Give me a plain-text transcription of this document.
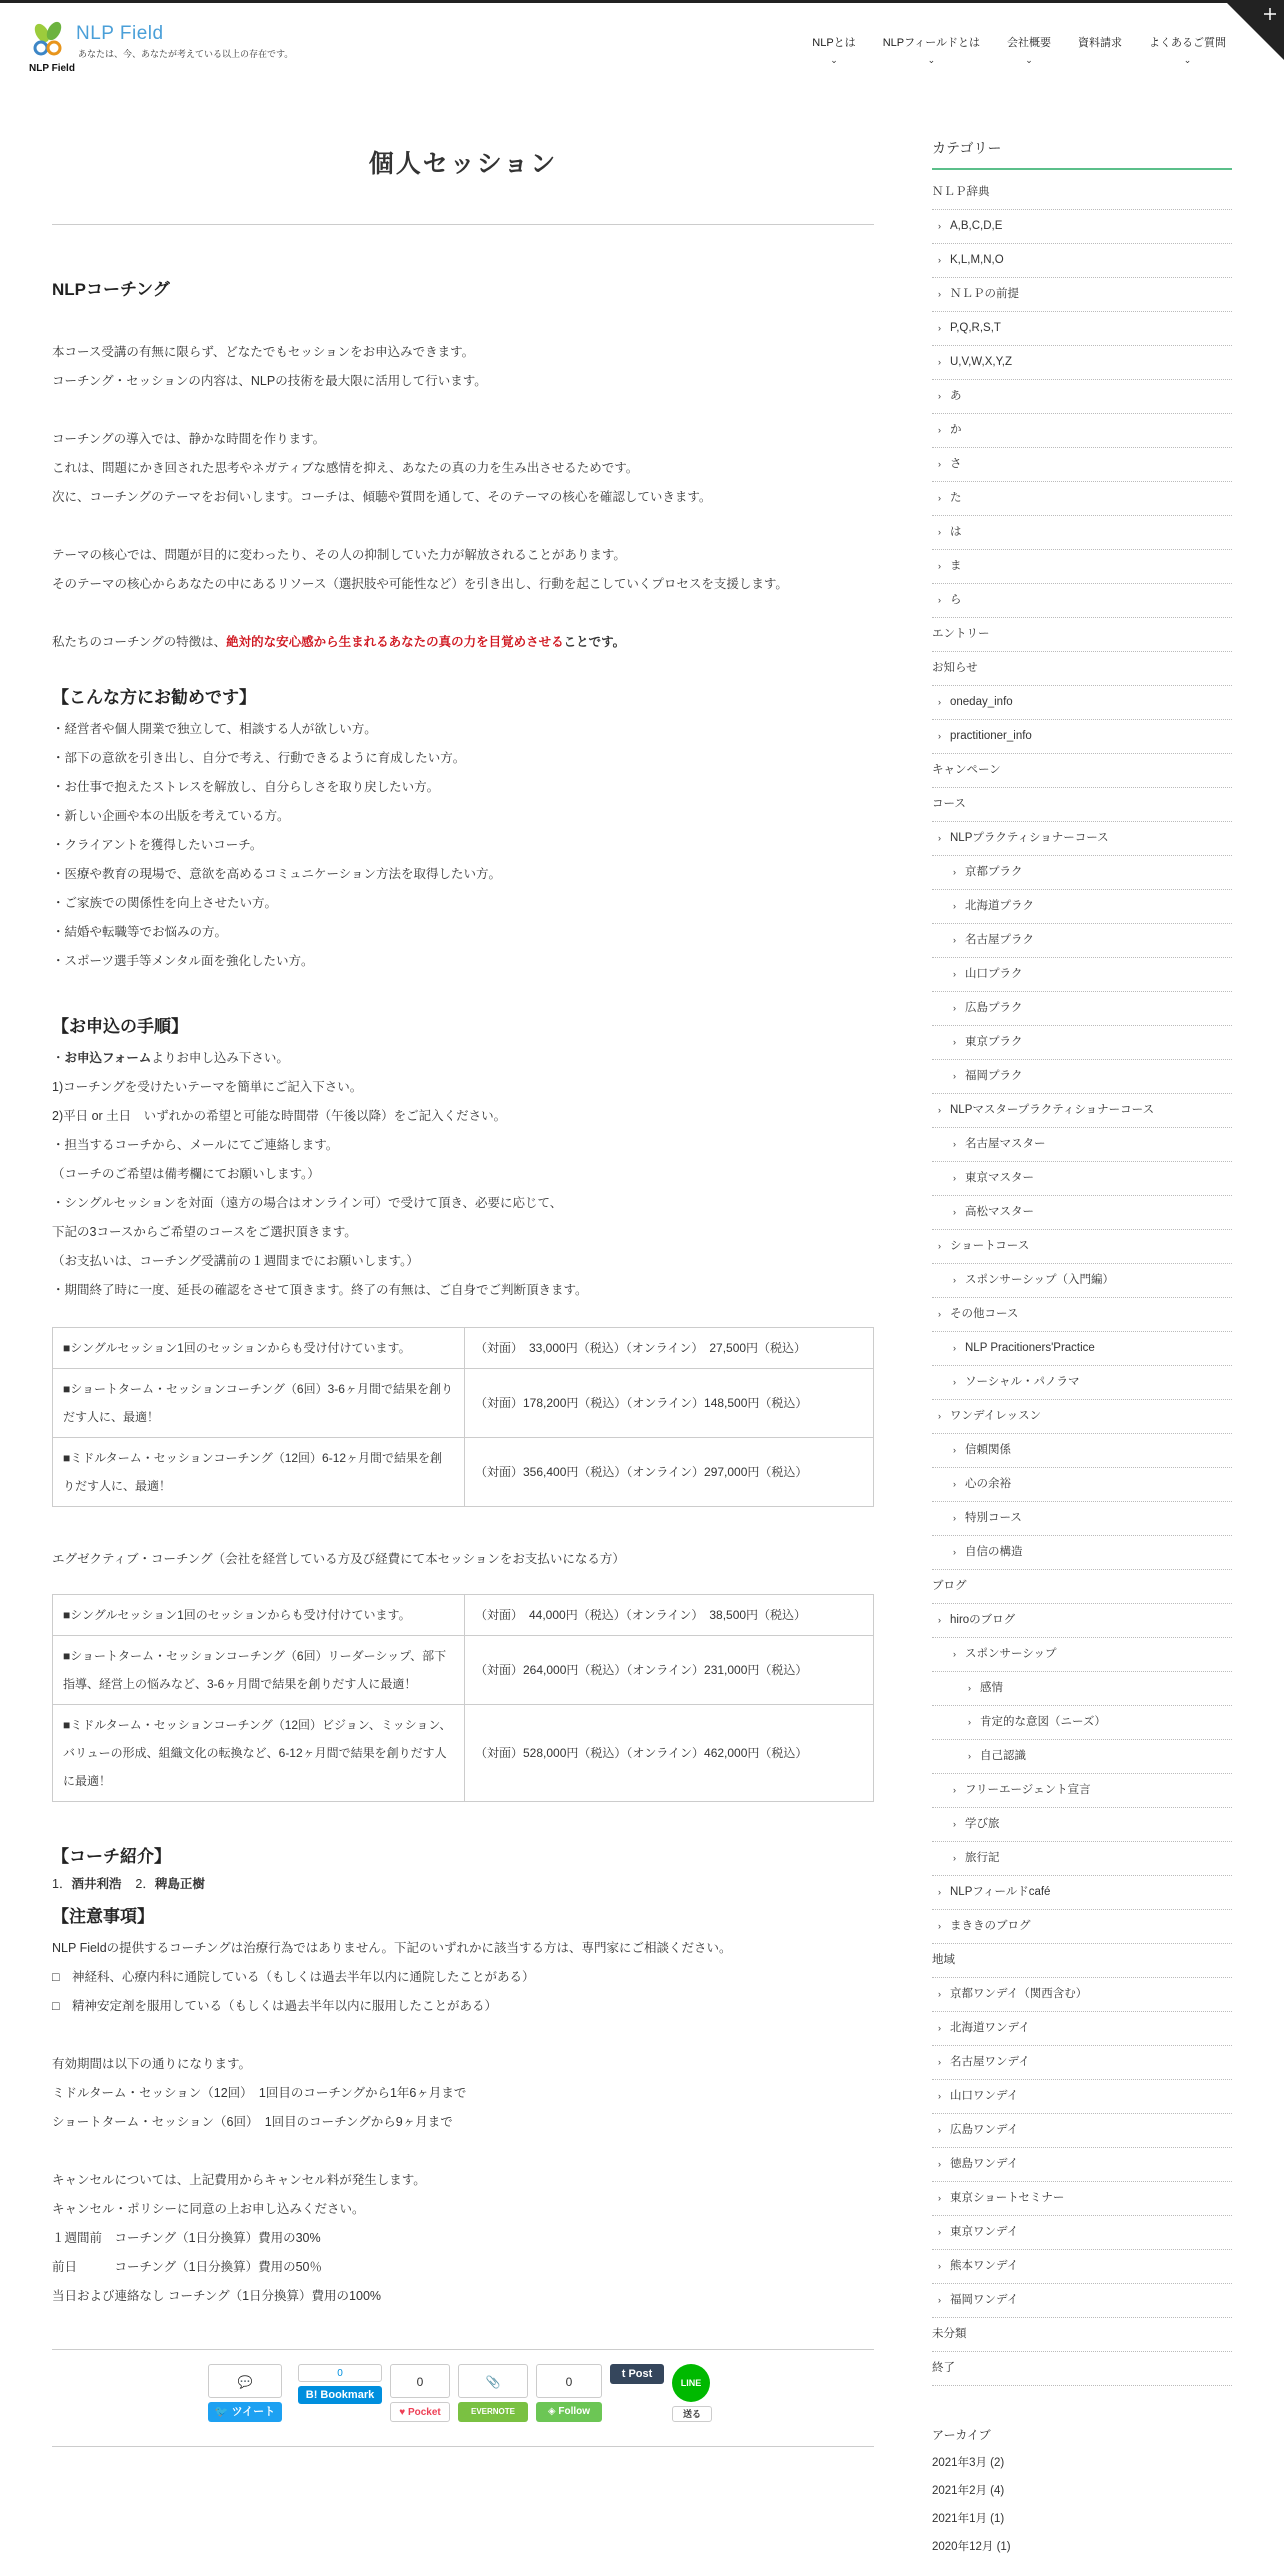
NLP Field
あなたは、今、あなたが考えている以上の存在です。
NLP Field
NLPとは
⌄
NLPフィールドとは
⌄
会社概要
⌄
資料請求 よくあるご質問
⌄
個人セッション
NLPコーチング
本コース受講の有無に限らず、どなたでもセッションをお申込みできます。
コーチング・セッションの内容は、NLPの技術を最大限に活用して行います。
コーチングの導入では、静かな時間を作ります。
これは、問題にかき回された思考やネガティブな感情を抑え、あなたの真の力を生み出させるためです。
次に、コーチングのテーマをお伺いします。コーチは、傾聴や質問を通して、そのテーマの核心を確認していきます。
テーマの核心では、問題が目的に変わったり、その人の抑制していた力が解放されることがあります。
そのテーマの核心からあなたの中にあるリソース（選択肢や可能性など）を引き出し、行動を起こしていくプロセスを支援します。
私たちのコーチングの特徴は、絶対的な安心感から生まれるあなたの真の力を目覚めさせることです。
【こんな方にお勧めです】
・経営者や個人開業で独立して、相談する人が欲しい方。
・部下の意欲を引き出し、自分で考え、行動できるように育成したい方。
・お仕事で抱えたストレスを解放し、自分らしさを取り戻したい方。
・新しい企画や本の出版を考えている方。
・クライアントを獲得したいコーチ。
・医療や教育の現場で、意欲を高めるコミュニケーション方法を取得したい方。
・ご家族での関係性を向上させたい方。
・結婚や転職等でお悩みの方。
・スポーツ選手等メンタル面を強化したい方。
【お申込の手順】
・お申込フォームよりお申し込み下さい。
1)コーチングを受けたいテーマを簡単にご記入下さい。
2)平日 or 土日　いずれかの希望と可能な時間帯（午後以降）をご記入ください。
・担当するコーチから、メールにてご連絡します。
（コーチのご希望は備考欄にてお願いします。）
・シングルセッションを対面（遠方の場合はオンライン可）で受けて頂き、必要に応じて、
下記の3コースからご希望のコースをご選択頂きます。
（お支払いは、コーチング受講前の１週間までにお願いします。）
・期間終了時に一度、延長の確認をさせて頂きます。終了の有無は、ご自身でご判断頂きます。
■シングルセッション1回のセッションからも受け付けています。	（対面）　33,000円（税込）（オンライン）　27,500円（税込）
■ショートターム・セッションコーチング（6回）3-6ヶ月間で結果を創りだす人に、最適！	（対面）178,200円（税込）（オンライン）148,500円（税込）
■ミドルターム・セッションコーチング（12回）6-12ヶ月間で結果を創りだす人に、最適！	（対面）356,400円（税込）（オンライン）297,000円（税込）
エグゼクティブ・コーチング（会社を経営している方及び経費にて本セッションをお支払いになる方）
■シングルセッション1回のセッションからも受け付けています。	（対面）　44,000円（税込）（オンライン）　38,500円（税込）
■ショートターム・セッションコーチング（6回）リーダーシップ、部下指導、経営上の悩みなど、3-6ヶ月間で結果を創りだす人に最適！	（対面）264,000円（税込）（オンライン）231,000円（税込）
■ミドルターム・セッションコーチング（12回）ビジョン、ミッション、バリューの形成、組織文化の転換など、6-12ヶ月間で結果を創りだす人に最適！	（対面）528,000円（税込）（オンライン）462,000円（税込）
【コーチ紹介】
1．酒井利浩 2．稗島正樹
【注意事項】
NLP Fieldの提供するコーチングは治療行為ではありません。下記のいずれかに該当する方は、専門家にご相談ください。
□　神経科、心療内科に通院している（もしくは過去半年以内に通院したことがある）
□　精神安定剤を服用している（もしくは過去半年以内に服用したことがある）
有効期間は以下の通りになります。
ミドルターム・セッション（12回）　1回目のコーチングから1年6ヶ月まで
ショートターム・セッション（6回）　1回目のコーチングから9ヶ月まで
キャンセルについては、上記費用からキャンセル料が発生します。
キャンセル・ポリシーに同意の上お申し込みください。
１週間前　コーチング（1日分換算）費用の30%
前日　　　コーチング（1日分換算）費用の50％
当日および連絡なし コーチング（1日分換算）費用の100%
💬
🐦 ツイート
0
B! Bookmark
0
♥ Pocket
📎
EVERNOTE
0
◈ Follow
t Post
LINE
送る
カテゴリー
ＮＬＰ辞典
› A,B,C,D,E
› K,L,M,N,O
› ＮＬＰの前提
› P,Q,R,S,T
› U,V,W,X,Y,Z
› あ
› か
› さ
› た
› は
› ま
› ら
エントリー
お知らせ
› oneday_info
› practitioner_info
キャンペーン
コース
› NLPプラクティショナーコース
› 京都プラク
› 北海道プラク
› 名古屋プラク
› 山口プラク
› 広島プラク
› 東京プラク
› 福岡プラク
› NLPマスタープラクティショナーコース
› 名古屋マスター
› 東京マスター
› 高松マスター
› ショートコース
› スポンサーシップ（入門編）
› その他コース
› NLP Pracitioners'Practice
› ソーシャル・パノラマ
› ワンデイレッスン
› 信頼関係
› 心の余裕
› 特別コース
› 自信の構造
ブログ
› hiroのブログ
› スポンサーシップ
› 感情
› 肯定的な意図（ニーズ）
› 自己認識
› フリーエージェント宣言
› 学び旅
› 旅行記
› NLPフィールドcafé
› まききのブログ
地域
› 京都ワンデイ（関西含む）
› 北海道ワンデイ
› 名古屋ワンデイ
› 山口ワンデイ
› 広島ワンデイ
› 徳島ワンデイ
› 東京ショートセミナー
› 東京ワンデイ
› 熊本ワンデイ
› 福岡ワンデイ
未分類
終了
アーカイブ
2021年3月 (2)
2021年2月 (4)
2021年1月 (1)
2020年12月 (1)
